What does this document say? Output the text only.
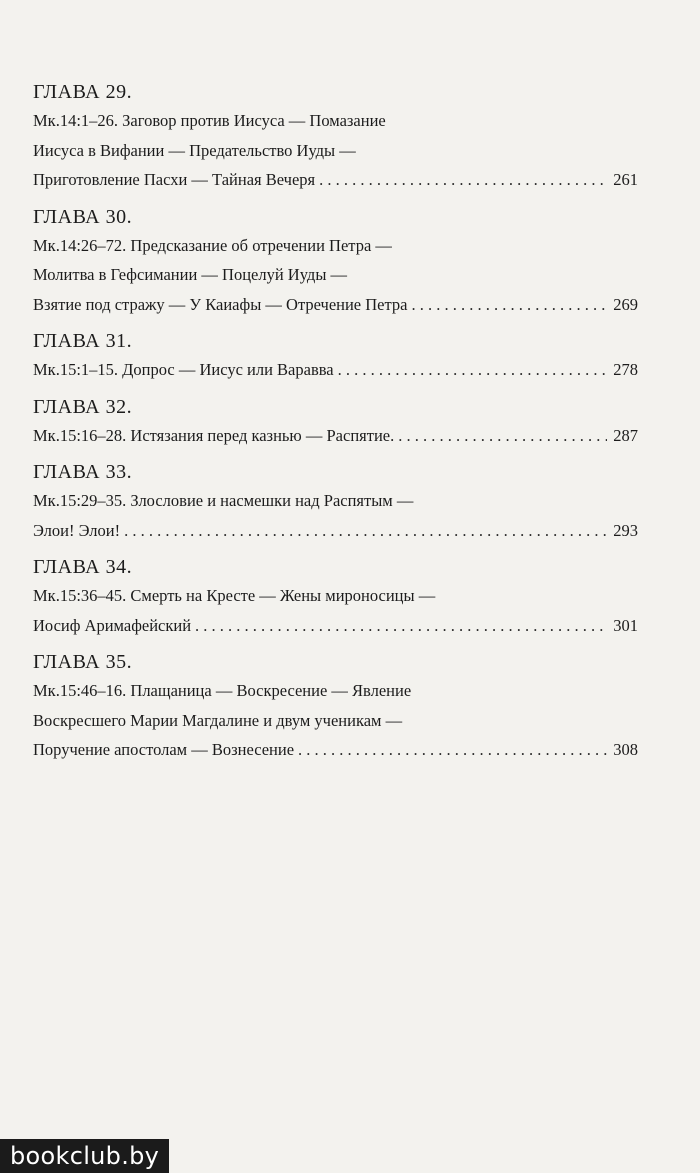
ГЛАВА 29.
Мк.14:1–26. Заговор против Иисуса — Помазание
Иисуса в Вифании — Предательство Иуды —
Приготовление Пасхи — Тайная Вечеря . . .	261
ГЛАВА 30.
Мк.14:26–72. Предсказание об отречении Петра —
Молитва в Гефсимании — Поцелуй Иуды —
Взятие под стражу — У Каиафы — Отречение Петра . . .	269
ГЛАВА 31.
Мк.15:1–15. Допрос — Иисус или Варавва . . .	278
ГЛАВА 32.
Мк.15:16–28. Истязания перед казнью — Распятие. . . .	287
ГЛАВА 33.
Мк.15:29–35. Злословие и насмешки над Распятым —
Элои! Элои! . . .	293
ГЛАВА 34.
Мк.15:36–45. Смерть на Кресте — Жены мироносицы —
Иосиф Аримафейский . . .	301
ГЛАВА 35.
Мк.15:46–16. Плащаница — Воскресение — Явление
Воскресшего Марии Магдалине и двум ученикам —
Поручение апостолам — Вознесение . . .	308
bookclub.by
